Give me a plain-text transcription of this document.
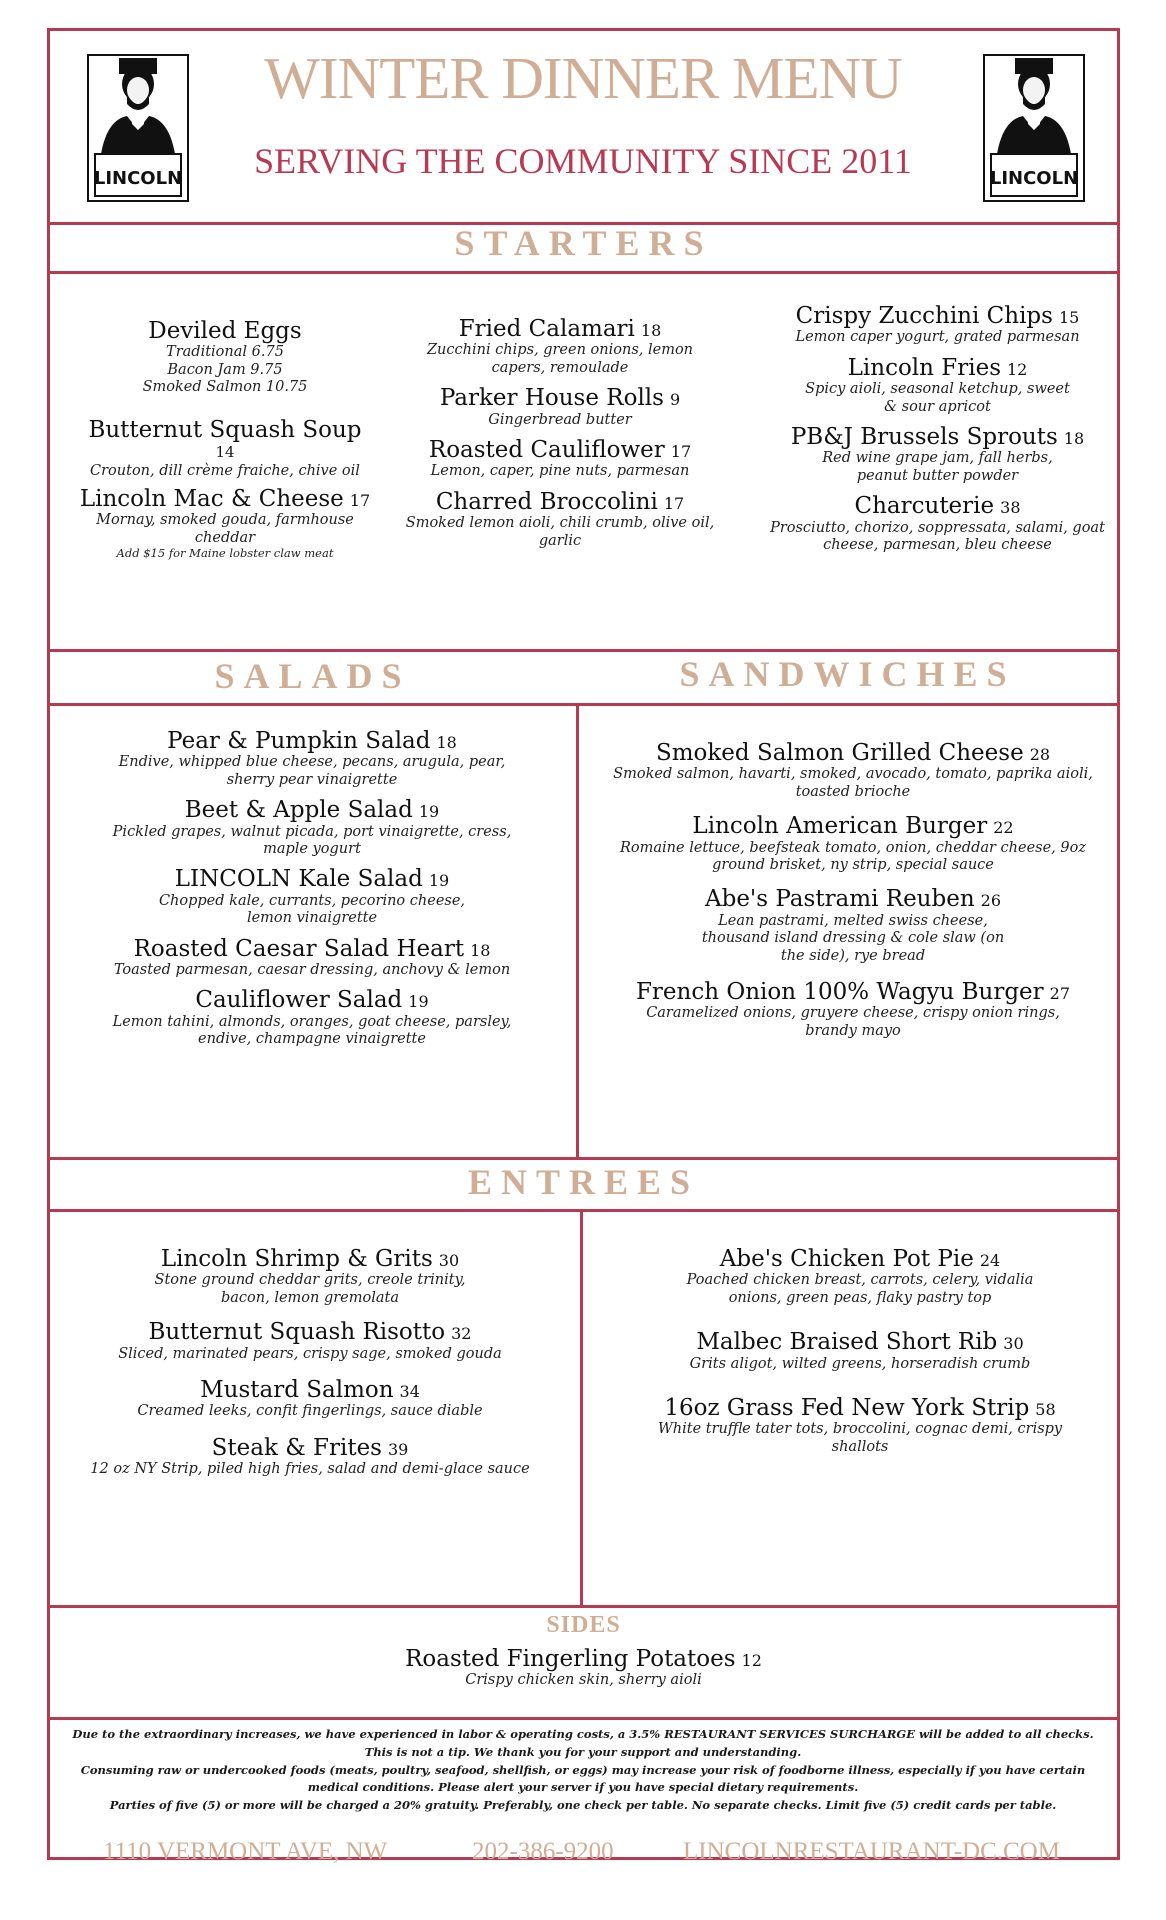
LINCOLN	LINCOLN
WINTER DINNER MENU
SERVING THE COMMUNITY SINCE 2011
STARTERS
Deviled Eggs
Traditional 6.75
Bacon Jam 9.75
Smoked Salmon 10.75
Butternut Squash Soup
14
Crouton, dill crème fraiche, chive oil
Lincoln Mac & Cheese 17
Mornay, smoked gouda, farmhouse cheddar
Add $15 for Maine lobster claw meat
Fried Calamari 18
Zucchini chips, green onions, lemon capers, remoulade
Parker House Rolls 9
Gingerbread butter
Roasted Cauliflower 17
Lemon, caper, pine nuts, parmesan
Charred Broccolini 17
Smoked lemon aioli, chili crumb, olive oil, garlic
Crispy Zucchini Chips 15
Lemon caper yogurt, grated parmesan
Lincoln Fries 12
Spicy aioli, seasonal ketchup, sweet & sour apricot
PB&J Brussels Sprouts 18
Red wine grape jam, fall herbs, peanut butter powder
Charcuterie 38
Prosciutto, chorizo, soppressata, salami, goat cheese, parmesan, bleu cheese
SALADS	SANDWICHES
Pear & Pumpkin Salad 18
Endive, whipped blue cheese, pecans, arugula, pear, sherry pear vinaigrette
Beet & Apple Salad 19
Pickled grapes, walnut picada, port vinaigrette, cress, maple yogurt
LINCOLN Kale Salad 19
Chopped kale, currants, pecorino cheese, lemon vinaigrette
Roasted Caesar Salad Heart 18
Toasted parmesan, caesar dressing, anchovy & lemon
Cauliflower Salad 19
Lemon tahini, almonds, oranges, goat cheese, parsley, endive, champagne vinaigrette
Smoked Salmon Grilled Cheese 28
Smoked salmon, havarti, smoked, avocado, tomato, paprika aioli, toasted brioche
Lincoln American Burger 22
Romaine lettuce, beefsteak tomato, onion, cheddar cheese, 9oz ground brisket, ny strip, special sauce
Abe's Pastrami Reuben 26
Lean pastrami, melted swiss cheese, thousand island dressing & cole slaw (on the side), rye bread
French Onion 100% Wagyu Burger 27
Caramelized onions, gruyere cheese, crispy onion rings, brandy mayo
ENTREES
Lincoln Shrimp & Grits 30
Stone ground cheddar grits, creole trinity, bacon, lemon gremolata
Butternut Squash Risotto 32
Sliced, marinated pears, crispy sage, smoked gouda
Mustard Salmon 34
Creamed leeks, confit fingerlings, sauce diable
Steak & Frites 39
12 oz NY Strip, piled high fries, salad and demi-glace sauce
Abe's Chicken Pot Pie 24
Poached chicken breast, carrots, celery, vidalia onions, green peas, flaky pastry top
Malbec Braised Short Rib 30
Grits aligot, wilted greens, horseradish crumb
16oz Grass Fed New York Strip 58
White truffle tater tots, broccolini, cognac demi, crispy shallots
SIDES
Roasted Fingerling Potatoes 12
Crispy chicken skin, sherry aioli
Due to the extraordinary increases, we have experienced in labor & operating costs, a 3.5% RESTAURANT SERVICES SURCHARGE will be added to all checks.
This is not a tip. We thank you for your support and understanding.
Consuming raw or undercooked foods (meats, poultry, seafood, shellfish, or eggs) may increase your risk of foodborne illness, especially if you have certain
medical conditions. Please alert your server if you have special dietary requirements.
Parties of five (5) or more will be charged a 20% gratuity. Preferably, one check per table. No separate checks. Limit five (5) credit cards per table.
1110 VERMONT AVE, NW	202-386-9200	LINCOLNRESTAURANT-DC.COM
